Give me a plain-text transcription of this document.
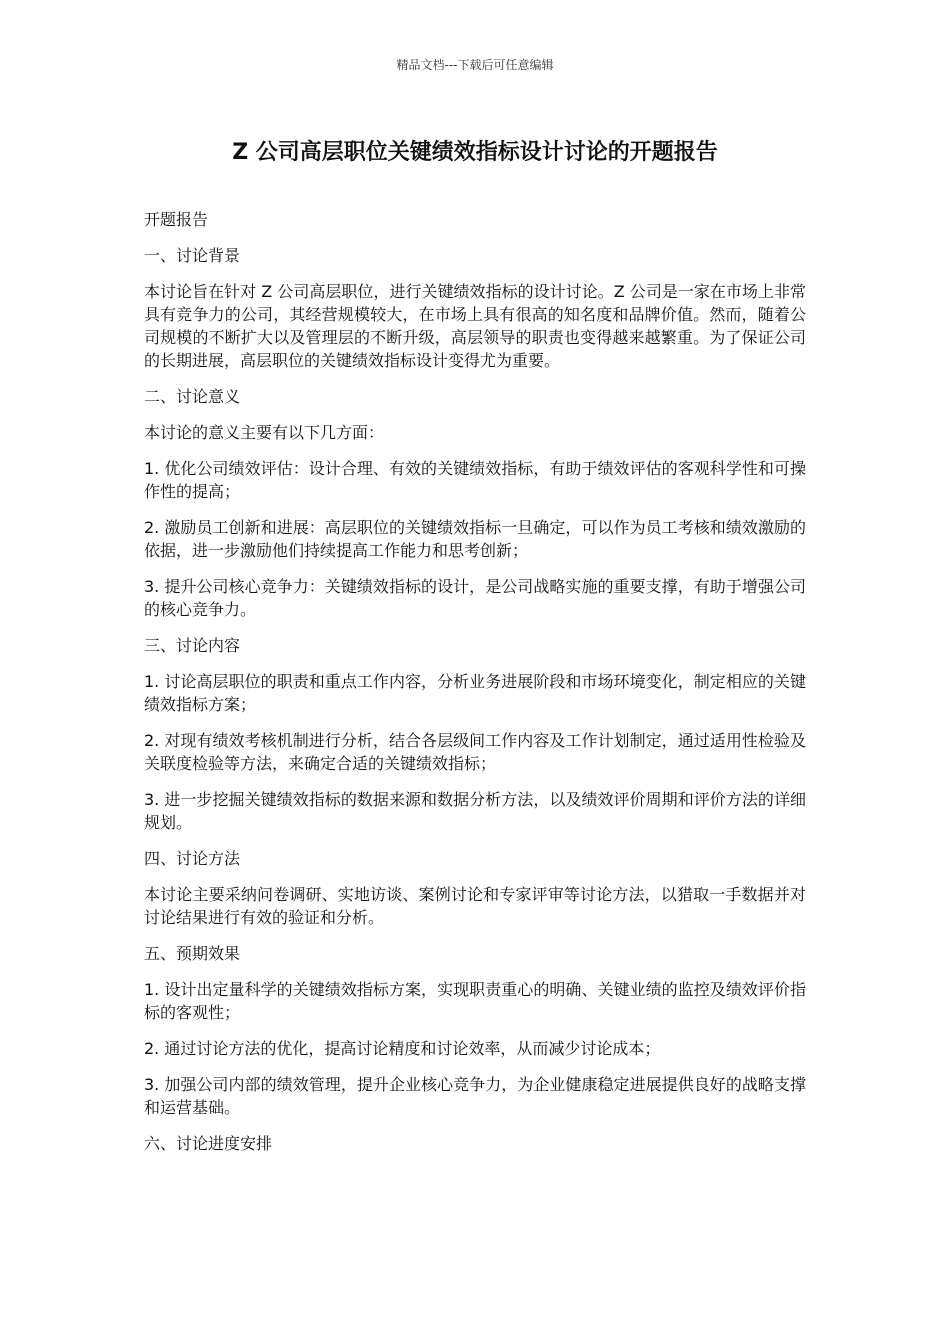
精品文档---下载后可任意编辑
Z 公司高层职位关键绩效指标设计讨论的开题报告

开题报告

一、讨论背景

本讨论旨在针对 Z 公司高层职位，进行关键绩效指标的设计讨论。Z 公司是一家在市场上非常具有竞争力的公司，其经营规模较大，在市场上具有很高的知名度和品牌价值。然而，随着公司规模的不断扩大以及管理层的不断升级，高层领导的职责也变得越来越繁重。为了保证公司的长期进展，高层职位的关键绩效指标设计变得尤为重要。

二、讨论意义

本讨论的意义主要有以下几方面：

1. 优化公司绩效评估：设计合理、有效的关键绩效指标，有助于绩效评估的客观科学性和可操作性的提高；

2. 激励员工创新和进展：高层职位的关键绩效指标一旦确定，可以作为员工考核和绩效激励的依据，进一步激励他们持续提高工作能力和思考创新；

3. 提升公司核心竞争力：关键绩效指标的设计，是公司战略实施的重要支撑，有助于增强公司的核心竞争力。

三、讨论内容

1. 讨论高层职位的职责和重点工作内容，分析业务进展阶段和市场环境变化，制定相应的关键绩效指标方案；

2. 对现有绩效考核机制进行分析，结合各层级间工作内容及工作计划制定，通过适用性检验及关联度检验等方法，来确定合适的关键绩效指标；

3. 进一步挖掘关键绩效指标的数据来源和数据分析方法，以及绩效评价周期和评价方法的详细规划。

四、讨论方法

本讨论主要采纳问卷调研、实地访谈、案例讨论和专家评审等讨论方法，以猎取一手数据并对讨论结果进行有效的验证和分析。

五、预期效果

1. 设计出定量科学的关键绩效指标方案，实现职责重心的明确、关键业绩的监控及绩效评价指标的客观性；

2. 通过讨论方法的优化，提高讨论精度和讨论效率，从而减少讨论成本；

3. 加强公司内部的绩效管理，提升企业核心竞争力，为企业健康稳定进展提供良好的战略支撑和运营基础。

六、讨论进度安排
